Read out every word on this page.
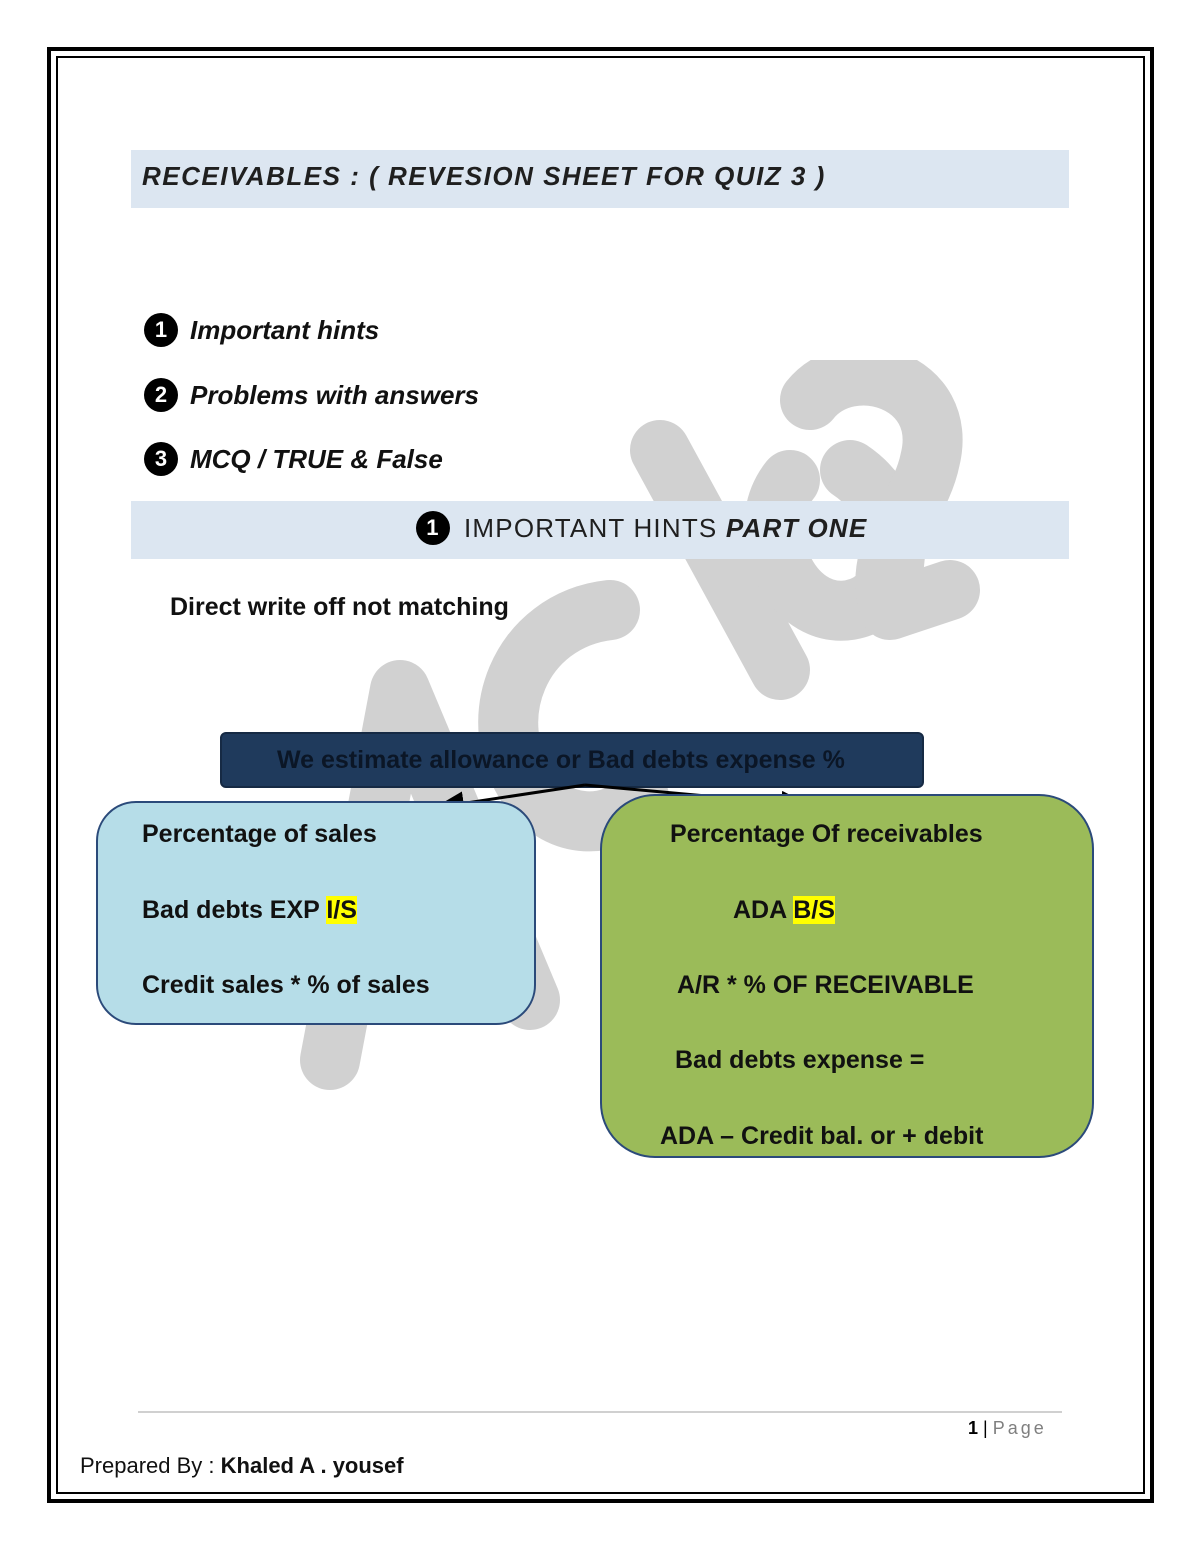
RECEIVABLES : ( REVESION SHEET FOR QUIZ 3 )
1 Important hints
2 Problems with answers
3 MCQ / TRUE & False
1 IMPORTANT HINTS PART ONE
Direct write off not matching
We estimate allowance or Bad debts expense %
Percentage of sales
Bad debts EXP I/S
Credit sales * % of sales
Percentage Of receivables
ADA B/S
A/R * % OF RECEIVABLE
Bad debts expense =
ADA – Credit bal. or + debit
1 | Page
Prepared By : Khaled A . yousef
